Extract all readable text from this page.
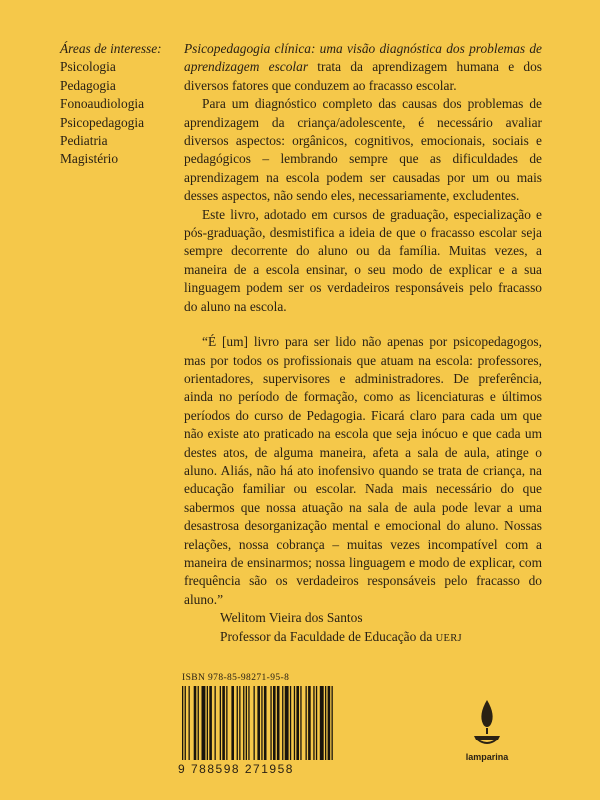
Áreas de interesse:
Psicologia
Pedagogia
Fonoaudiologia
Psicopedagogia
Pediatria
Magistério

Psicopedagogia clínica: uma visão diagnóstica dos problemas de aprendizagem escolar trata da aprendizagem humana e dos diversos fatores que conduzem ao fracasso escolar.

Para um diagnóstico completo das causas dos problemas de aprendizagem da criança/adolescente, é necessário avaliar diversos aspectos: orgânicos, cognitivos, emocionais, sociais e pedagógicos – lembrando sempre que as dificuldades de aprendizagem na escola podem ser causadas por um ou mais desses aspectos, não sendo eles, necessariamente, excludentes.

Este livro, adotado em cursos de graduação, especialização e pós-graduação, desmistifica a ideia de que o fracasso escolar seja sempre decorrente do aluno ou da família. Muitas vezes, a maneira de a escola ensinar, o seu modo de explicar e a sua linguagem podem ser os verdadeiros responsáveis pelo fracasso do aluno na escola.

“É [um] livro para ser lido não apenas por psicopedagogos, mas por todos os profissionais que atuam na escola: professores, orientadores, supervisores e administradores. De preferência, ainda no período de formação, como as licenciaturas e últimos períodos do curso de Pedagogia. Ficará claro para cada um que não existe ato praticado na escola que seja inócuo e que cada um destes atos, de alguma maneira, afeta a sala de aula, atinge o aluno. Aliás, não há ato inofensivo quando se trata de criança, na educação familiar ou escolar. Nada mais necessário do que sabermos que nossa atuação na sala de aula pode levar a uma desastrosa desorganização mental e emocional do aluno. Nossas relações, nossa cobrança – muitas vezes incompatível com a maneira de ensinarmos; nossa linguagem e modo de explicar, com frequência são os verdadeiros responsáveis pelo fracasso do aluno.”

Welitom Vieira dos Santos

Professor da Faculdade de Educação da UERJ

ISBN 978-85-98271-95-8
9 788598 271958
lamparina
